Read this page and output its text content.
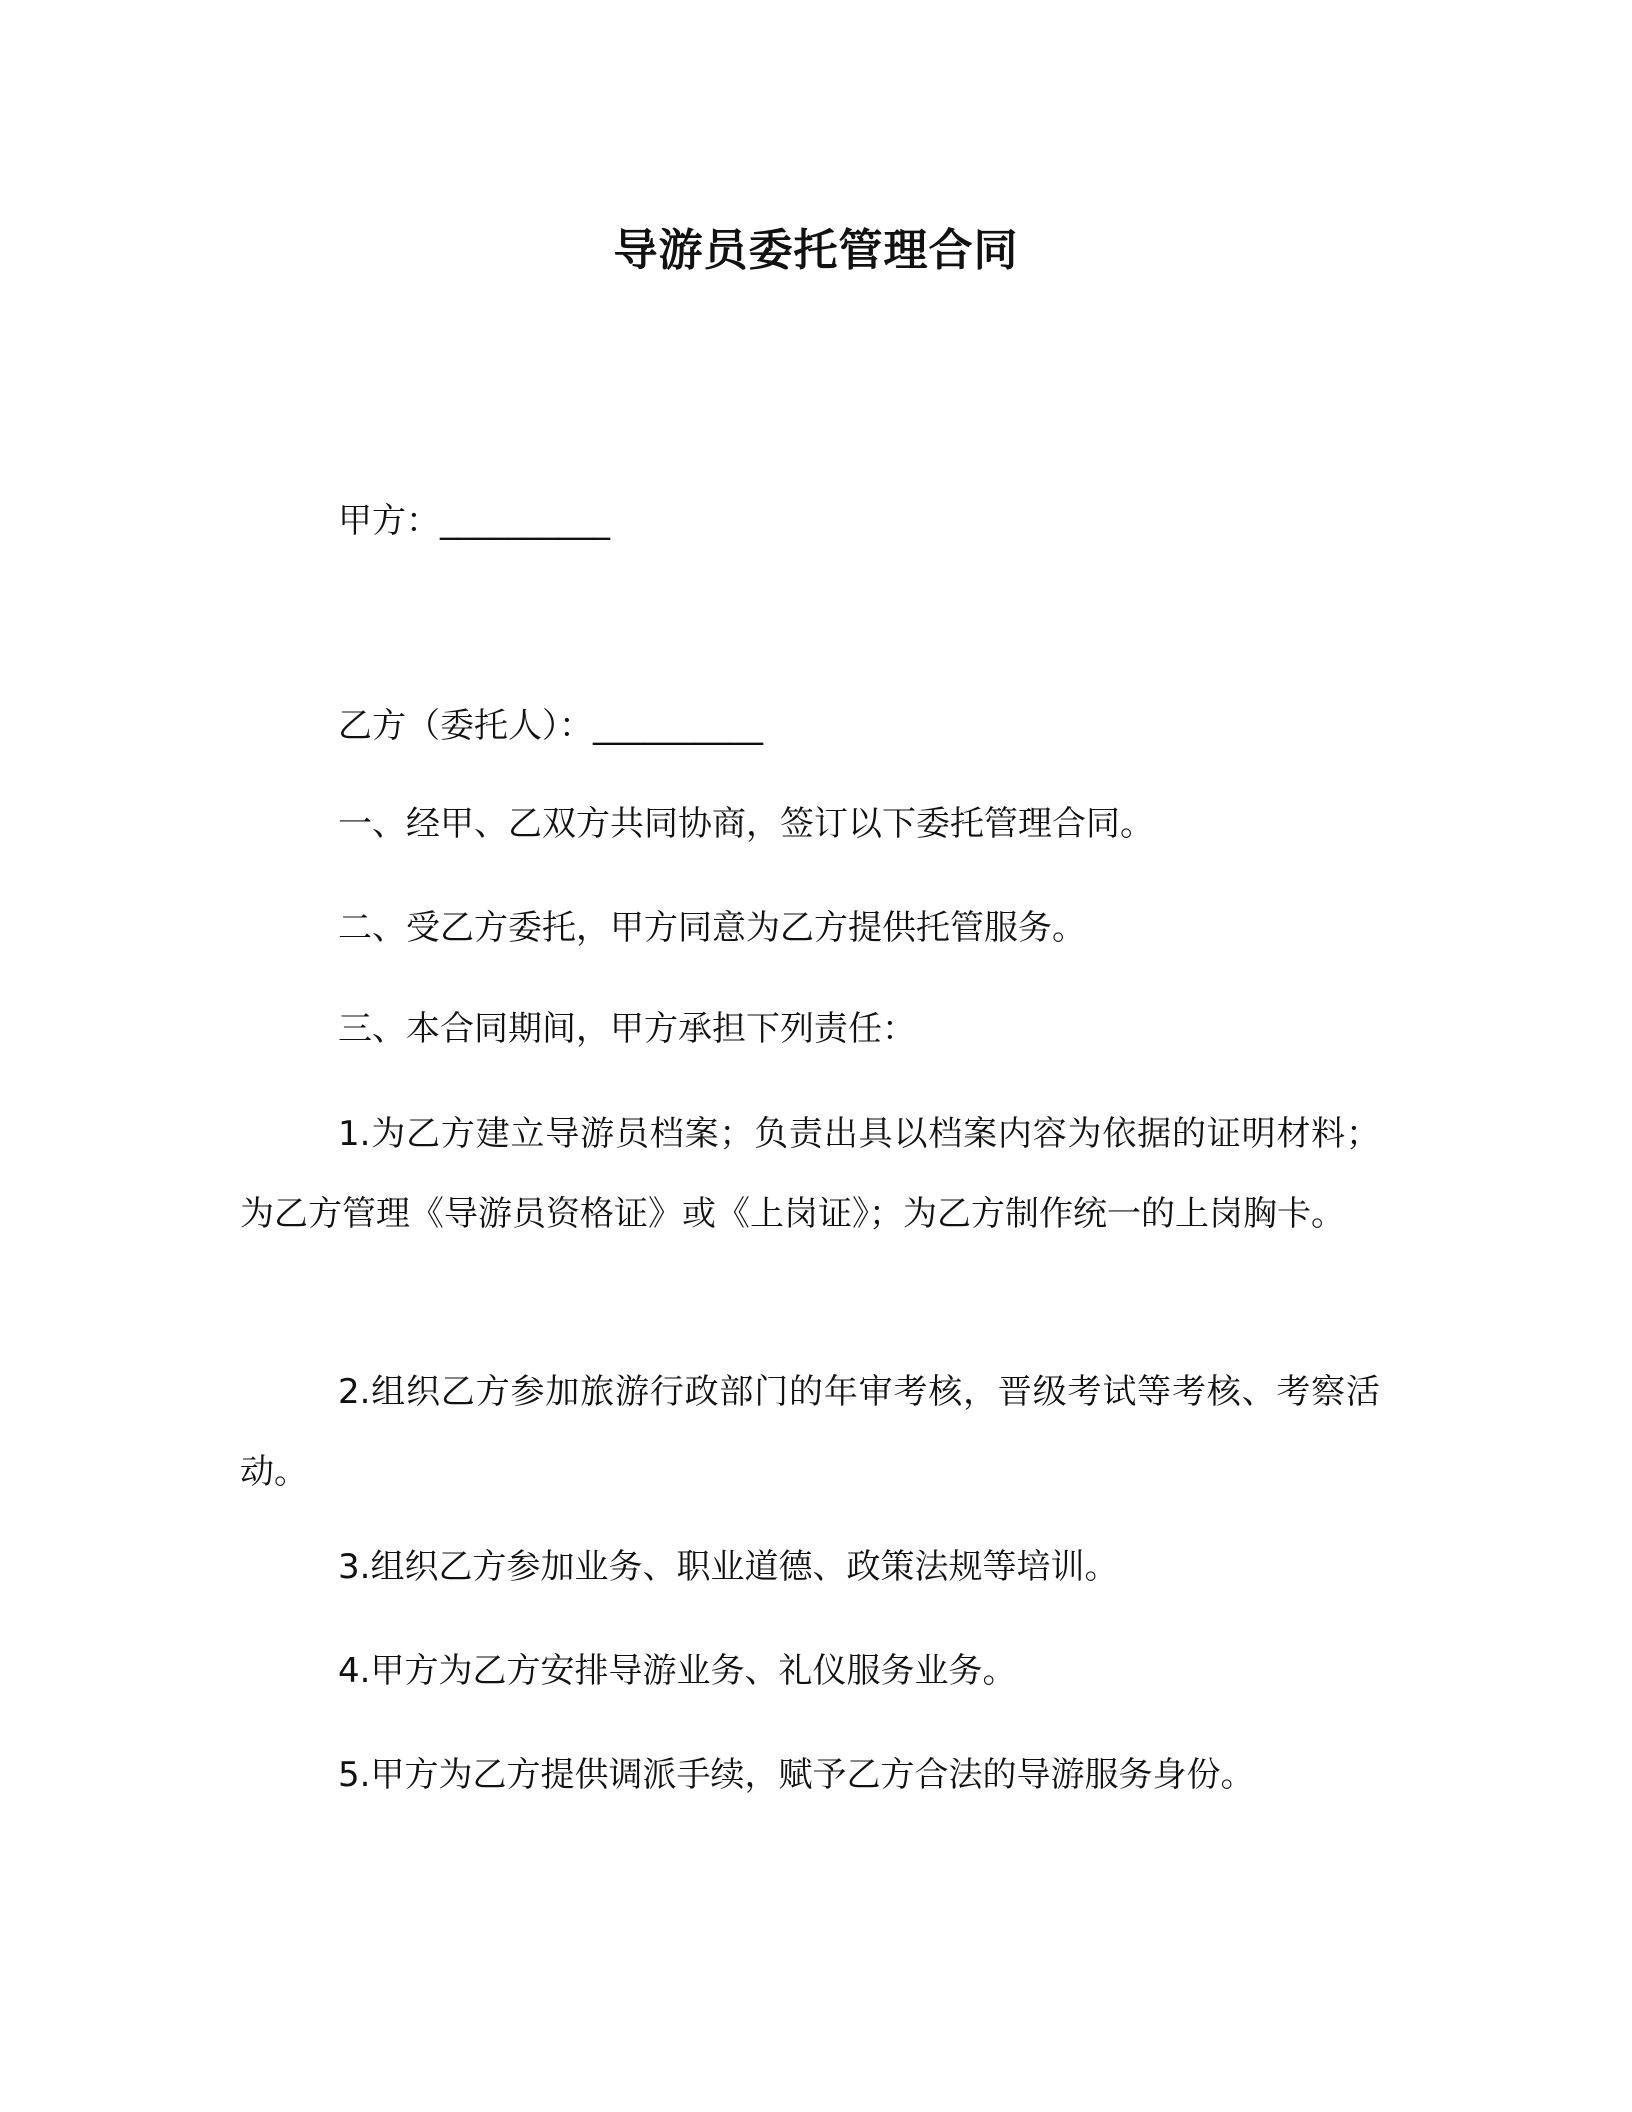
导游员委托管理合同
甲方：__________
乙方（委托人）：__________
一、经甲、乙双方共同协商，签订以下委托管理合同。
二、受乙方委托，甲方同意为乙方提供托管服务。
三、本合同期间，甲方承担下列责任：
1.为乙方建立导游员档案；负责出具以档案内容为依据的证明材料；为乙方管理《导游员资格证》或《上岗证》；为乙方制作统一的上岗胸卡。
2.组织乙方参加旅游行政部门的年审考核，晋级考试等考核、考察活动。
3.组织乙方参加业务、职业道德、政策法规等培训。
4.甲方为乙方安排导游业务、礼仪服务业务。
5.甲方为乙方提供调派手续，赋予乙方合法的导游服务身份。
